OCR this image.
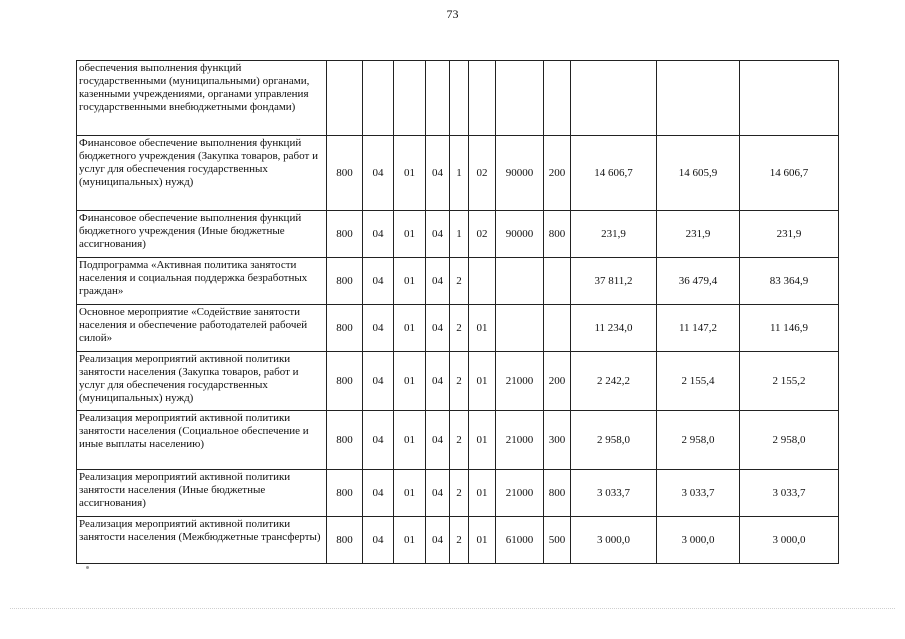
73
обеспечения выполнения функций государственными (муниципальными) органами, казенными учреждениями, органами управления государственными внебюджетными фондами)											
Финансовое обеспечение выполнения функций бюджетного учреждения (Закупка товаров, работ и услуг для обеспечения государственных (муниципальных) нужд)	800	04	01	04	1	02	90000	200	14 606,7	14 605,9	14 606,7
Финансовое обеспечение выполнения функций бюджетного учреждения (Иные бюджетные ассигнования)	800	04	01	04	1	02	90000	800	231,9	231,9	231,9
Подпрограмма «Активная политика занятости населения и социальная поддержка безработных граждан»	800	04	01	04	2				37 811,2	36 479,4	83 364,9
Основное мероприятие «Содействие занятости населения и обеспечение работодателей рабочей силой»	800	04	01	04	2	01			11 234,0	11 147,2	11 146,9
Реализация мероприятий активной политики занятости населения (Закупка товаров, работ и услуг для обеспечения государственных (муниципальных) нужд)	800	04	01	04	2	01	21000	200	2 242,2	2 155,4	2 155,2
Реализация мероприятий активной политики занятости населения (Социальное обеспечение и иные выплаты населению)	800	04	01	04	2	01	21000	300	2 958,0	2 958,0	2 958,0
Реализация мероприятий активной политики занятости населения (Иные бюджетные ассигнования)	800	04	01	04	2	01	21000	800	3 033,7	3 033,7	3 033,7
Реализация мероприятий активной политики занятости населения (Межбюджетные трансферты)	800	04	01	04	2	01	61000	500	3 000,0	3 000,0	3 000,0
